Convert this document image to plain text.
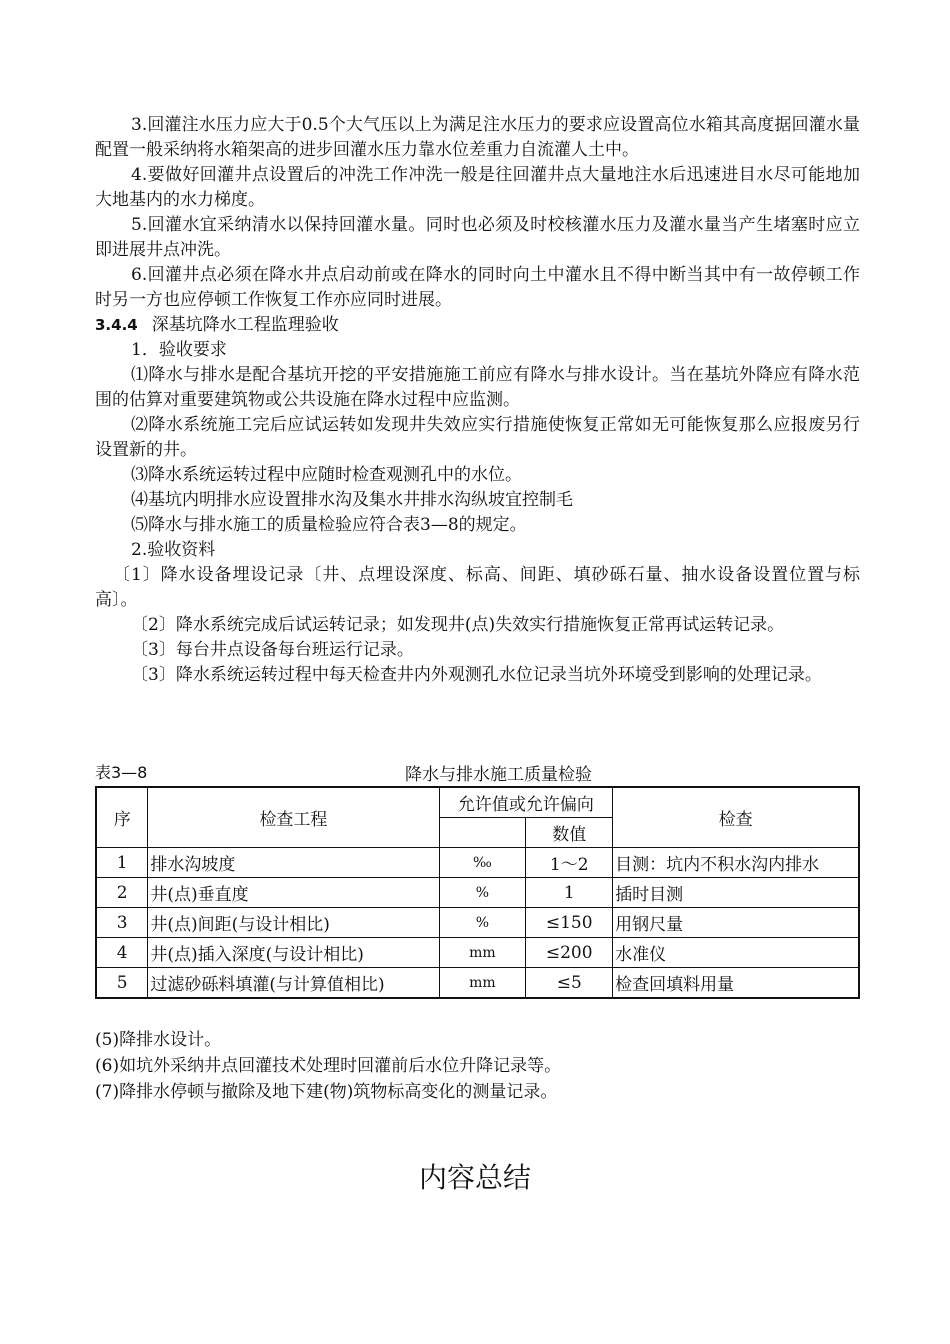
3.回灌注水压力应大于0.5个大气压以上为满足注水压力的要求应设置高位水箱其高度据回灌水量配置一般采纳将水箱架高的进步回灌水压力靠水位差重力自流灌人土中。

4.要做好回灌井点设置后的冲洗工作冲洗一般是往回灌井点大量地注水后迅速进目水尽可能地加大地基内的水力梯度。

5.回灌水宜采纳清水以保持回灌水量。同时也必须及时校核灌水压力及灌水量当产生堵塞时应立即进展井点冲洗。

6.回灌井点必须在降水井点启动前或在降水的同时向土中灌水且不得中断当其中有一故停顿工作时另一方也应停顿工作恢复工作亦应同时进展。

3.4.4 深基坑降水工程监理验收

1．验收要求

⑴降水与排水是配合基坑开挖的平安措施施工前应有降水与排水设计。当在基坑外降应有降水范围的估算对重要建筑物或公共设施在降水过程中应监测。

⑵降水系统施工完后应试运转如发现井失效应实行措施使恢复正常如无可能恢复那么应报废另行设置新的井。

⑶降水系统运转过程中应随时检查观测孔中的水位。

⑷基坑内明排水应设置排水沟及集水井排水沟纵坡宜控制毛

⑸降水与排水施工的质量检验应符合表3—8的规定。

2.验收资料

〔1〕降水设备埋设记录〔井、点埋设深度、标高、间距、填砂砾石量、抽水设备设置位置与标高〕。

〔2〕降水系统完成后试运转记录；如发现井(点)失效实行措施恢复正常再试运转记录。

〔3〕每台井点设备每台班运行记录。

〔3〕降水系统运转过程中每天检查井内外观测孔水位记录当坑外环境受到影响的处理记录。

表3—8	降水与排水施工质量检验
序	检查工程	允许值或允许偏向		检查
			数值	
1	排水沟坡度	‰	1～2	目测：坑内不积水沟内排水
2	井(点)垂直度	%	1	插时目测
3	井(点)间距(与设计相比)	%	≤150	用钢尺量
4	井(点)插入深度(与设计相比)	mm	≤200	水准仪
5	过滤砂砾料填灌(与计算值相比)	mm	≤5	检查回填料用量

(5)降排水设计。

(6)如坑外采纳井点回灌技术处理时回灌前后水位升降记录等。

(7)降排水停顿与撤除及地下建(物)筑物标高变化的测量记录。

内容总结
